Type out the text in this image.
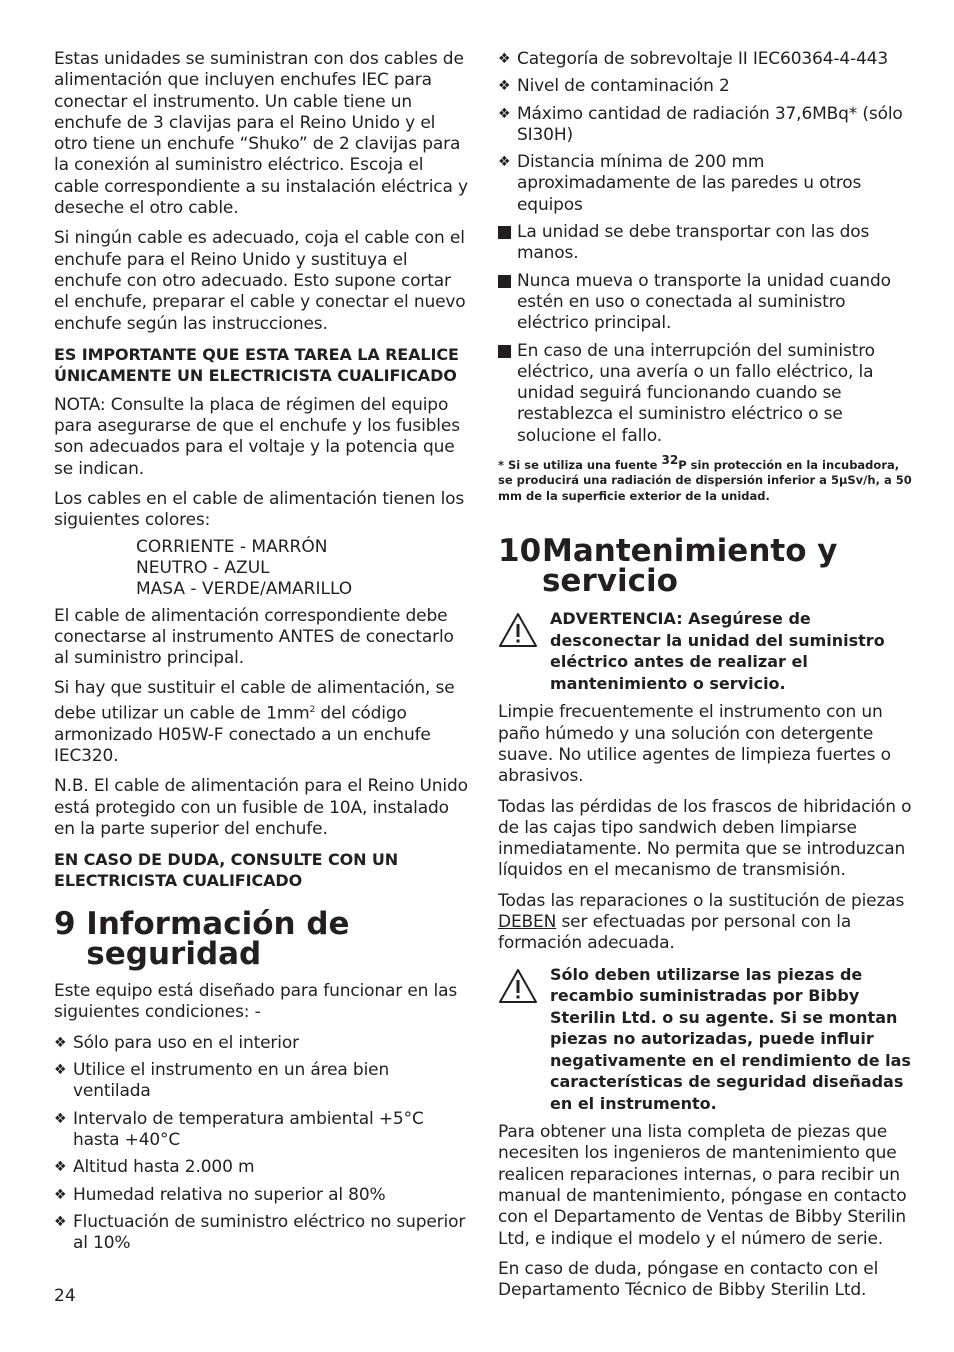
Estas unidades se suministran con dos cables de alimentación que incluyen enchufes IEC para conectar el instrumento. Un cable tiene un enchufe de 3 clavijas para el Reino Unido y el otro tiene un enchufe “Shuko” de 2 clavijas para la conexión al suministro eléctrico. Escoja el cable correspondiente a su instalación eléctrica y deseche el otro cable.

Si ningún cable es adecuado, coja el cable con el enchufe para el Reino Unido y sustituya el enchufe con otro adecuado. Esto supone cortar el enchufe, preparar el cable y conectar el nuevo enchufe según las instrucciones.

ES IMPORTANTE QUE ESTA TAREA LA REALICE ÚNICAMENTE UN ELECTRICISTA CUALIFICADO

NOTA: Consulte la placa de régimen del equipo para asegurarse de que el enchufe y los fusibles son adecuados para el voltaje y la potencia que se indican.

Los cables en el cable de alimentación tienen los siguientes colores:

CORRIENTE - MARRÓN
NEUTRO - AZUL
MASA - VERDE/AMARILLO

El cable de alimentación correspondiente debe conectarse al instrumento ANTES de conectarlo al suministro principal.

Si hay que sustituir el cable de alimentación, se debe utilizar un cable de $1mm^2$ del código armonizado H05W-F conectado a un enchufe IEC320.

N.B. El cable de alimentación para el Reino Unido está protegido con un fusible de 10A, instalado en la parte superior del enchufe.

EN CASO DE DUDA, CONSULTE CON UN ELECTRICISTA CUALIFICADO

9 Información de seguridad

Este equipo está diseñado para funcionar en las siguientes condiciones: -

❖ Sólo para uso en el interior
❖ Utilice el instrumento en un área bien ventilada
❖ Intervalo de temperatura ambiental +5°C hasta +40°C
❖ Altitud hasta 2.000 m
❖ Humedad relativa no superior al 80%
❖ Fluctuación de suministro eléctrico no superior al 10%
❖ Categoría de sobrevoltaje II IEC60364-4-443
❖ Nivel de contaminación 2
❖ Máximo cantidad de radiación 37,6MBq* (sólo SI30H)
❖ Distancia mínima de 200 mm aproximadamente de las paredes u otros equipos
La unidad se debe transportar con las dos manos.
Nunca mueva o transporte la unidad cuando estén en uso o conectada al suministro eléctrico principal.
En caso de una interrupción del suministro eléctrico, una avería o un fallo eléctrico, la unidad seguirá funcionando cuando se restablezca el suministro eléctrico o se solucione el fallo.

* Si se utiliza una fuente $^{32}$P sin protección en la incubadora, se producirá una radiación de dispersión inferior a 5µSv/h, a 50 mm de la superficie exterior de la unidad.

10 Mantenimiento y servicio
ADVERTENCIA: Asegúrese de desconectar la unidad del suministro eléctrico antes de realizar el mantenimiento o servicio.

Limpie frecuentemente el instrumento con un paño húmedo y una solución con detergente suave. No utilice agentes de limpieza fuertes o abrasivos.

Todas las pérdidas de los frascos de hibridación o de las cajas tipo sandwich deben limpiarse inmediatamente. No permita que se introduzcan líquidos en el mecanismo de transmisión.

Todas las reparaciones o la sustitución de piezas DEBEN ser efectuadas por personal con la formación adecuada.

Sólo deben utilizarse las piezas de recambio suministradas por Bibby Sterilin Ltd. o su agente. Si se montan piezas no autorizadas, puede influir negativamente en el rendimiento de las características de seguridad diseñadas en el instrumento.

Para obtener una lista completa de piezas que necesiten los ingenieros de mantenimiento que realicen reparaciones internas, o para recibir un manual de mantenimiento, póngase en contacto con el Departamento de Ventas de Bibby Sterilin Ltd, e indique el modelo y el número de serie.

En caso de duda, póngase en contacto con el Departamento Técnico de Bibby Sterilin Ltd.

24
